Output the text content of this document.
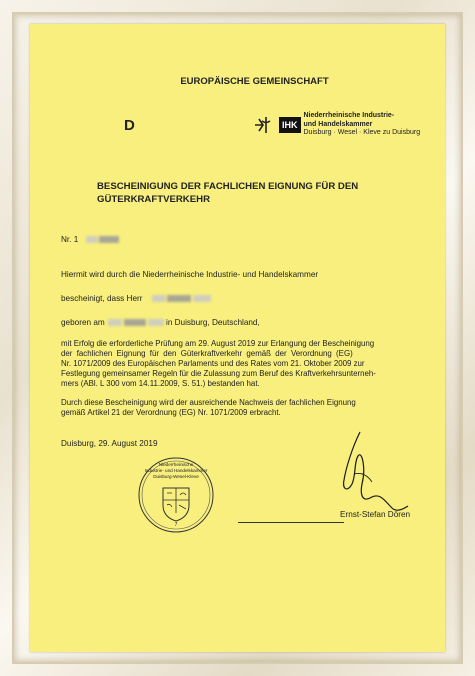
EUROPÄISCHE GEMEINSCHAFT
D	IHK
Niederrheinische Industrie-
und Handelskammer
Duisburg · Wesel · Kleve zu Duisburg
BESCHEINIGUNG DER FACHLICHEN EIGNUNG FÜR DEN
GÜTERKRAFTVERKEHR
Nr. 1
Hiermit wird durch die Niederrheinische Industrie- und Handelskammer
bescheinigt, dass Herr
geboren am	in Duisburg, Deutschland,
mit Erfolg die erforderliche Prüfung am 29. August 2019 zur Erlangung der Bescheinigung
der fachlichen Eignung für den Güterkraftverkehr gemäß der Verordnung (EG)
Nr. 1071/2009 des Europäischen Parlaments und des Rates vom 21. Oktober 2009 zur
Festlegung gemeinsamer Regeln für die Zulassung zum Beruf des Kraftverkehrsunterneh-
mers (ABl. L 300 vom 14.11.2009, S. 51.) bestanden hat.
Durch diese Bescheinigung wird der ausreichende Nachweis der fachlichen Eignung
gemäß Artikel 21 der Verordnung (EG) Nr. 1071/2009 erbracht.
Duisburg, 29. August 2019
Niederrheinische
Industrie- und Handelskammer
Duisburg-Wesel-Kleve
7
Ernst-Stefan Dören
